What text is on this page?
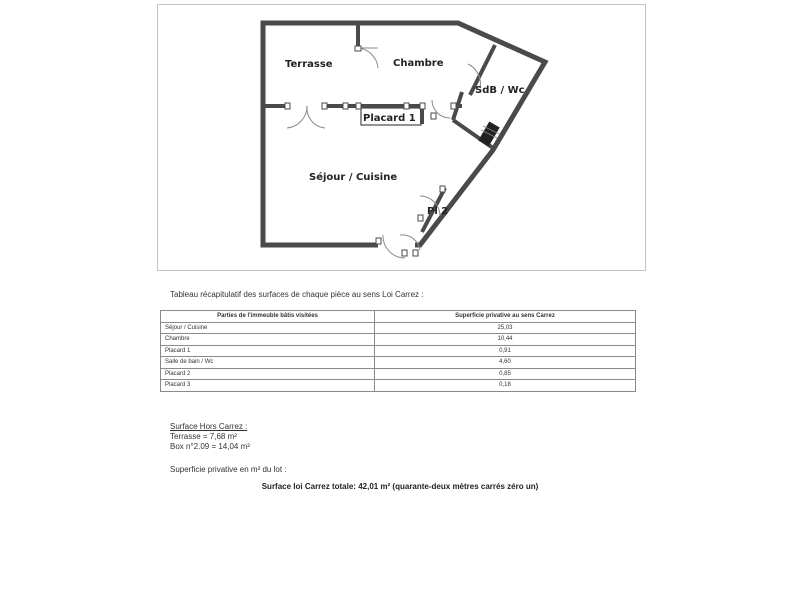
Terrasse	Chambre
SdB / Wc
Placard 1
Séjour / Cuisine
Pl 2
Tableau récapitulatif des surfaces de chaque pièce au sens Loi Carrez :
Parties de l'immeuble bâtis visitées	Superficie privative au sens Carrez
Séjour / Cuisine	25,03
Chambre	10,44
Placard 1	0,91
Salle de bain / Wc	4,60
Placard 2	0,85
Placard 3	0,18
Surface Hors Carrez :
Terrasse = 7,68 m²
Box n°2.09 = 14,04 m²
Superficie privative en m² du lot :
Surface loi Carrez totale: 42,01 m² (quarante-deux mètres carrés zéro un)
